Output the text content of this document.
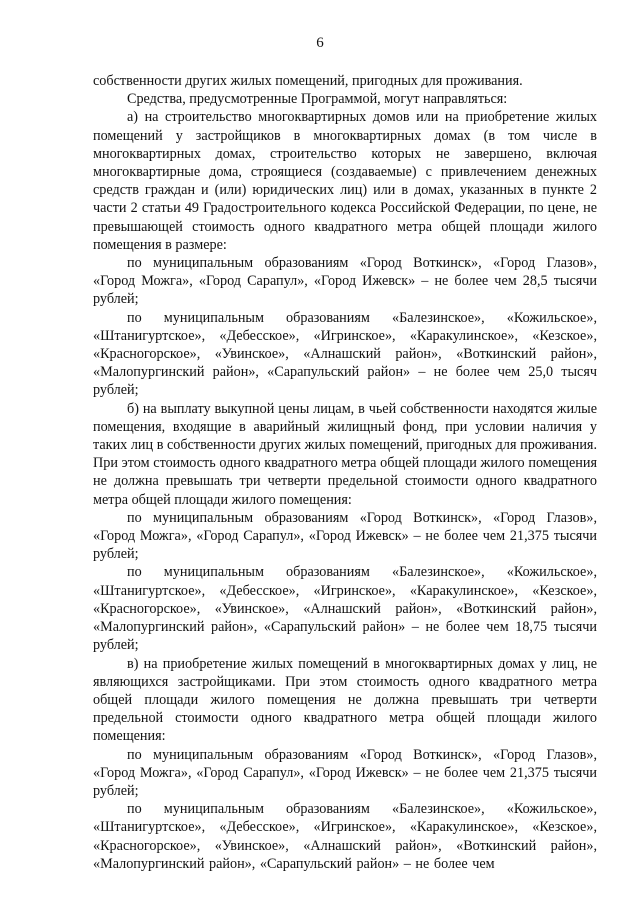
6

собственности других жилых помещений, пригодных для проживания.

Средства, предусмотренные Программой, могут направляться:

а) на строительство многоквартирных домов или на приобретение жилых помещений у застройщиков в многоквартирных домах (в том числе в многоквартирных домах, строительство которых не завершено, включая многоквартирные дома, строящиеся (создаваемые) с привлечением денежных средств граждан и (или) юридических лиц) или в домах, указанных в пункте 2 части 2 статьи 49 Градостроительного кодекса Российской Федерации, по цене, не превышающей стоимость одного квадратного метра общей площади жилого помещения в размере:

по муниципальным образованиям «Город Воткинск», «Город Глазов», «Город Можга», «Город Сарапул», «Город Ижевск» – не более чем 28,5 тысячи рублей;

по муниципальным образованиям «Балезинское», «Кожильское», «Штанигуртское», «Дебесское», «Игринское», «Каракулинское», «Кезское», «Красногорское», «Увинское», «Алнашский район», «Воткинский район», «Малопургинский район», «Сарапульский район» – не более чем 25,0 тысяч рублей;

б) на выплату выкупной цены лицам, в чьей собственности находятся жилые помещения, входящие в аварийный жилищный фонд, при условии наличия у таких лиц в собственности других жилых помещений, пригодных для проживания. При этом стоимость одного квадратного метра общей площади жилого помещения не должна превышать три четверти предельной стоимости одного квадратного метра общей площади жилого помещения:

по муниципальным образованиям «Город Воткинск», «Город Глазов», «Город Можга», «Город Сарапул», «Город Ижевск» – не более чем 21,375 тысячи рублей;

по муниципальным образованиям «Балезинское», «Кожильское», «Штанигуртское», «Дебесское», «Игринское», «Каракулинское», «Кезское», «Красногорское», «Увинское», «Алнашский район», «Воткинский район», «Малопургинский район», «Сарапульский район» – не более чем 18,75 тысячи рублей;

в) на приобретение жилых помещений в многоквартирных домах у лиц, не являющихся застройщиками. При этом стоимость одного квадратного метра общей площади жилого помещения не должна превышать три четверти предельной стоимости одного квадратного метра общей площади жилого помещения:

по муниципальным образованиям «Город Воткинск», «Город Глазов», «Город Можга», «Город Сарапул», «Город Ижевск» – не более чем 21,375 тысячи рублей;

по муниципальным образованиям «Балезинское», «Кожильское», «Штанигуртское», «Дебесское», «Игринское», «Каракулинское», «Кезское», «Красногорское», «Увинское», «Алнашский район», «Воткинский район», «Малопургинский район», «Сарапульский район» – не более чем
